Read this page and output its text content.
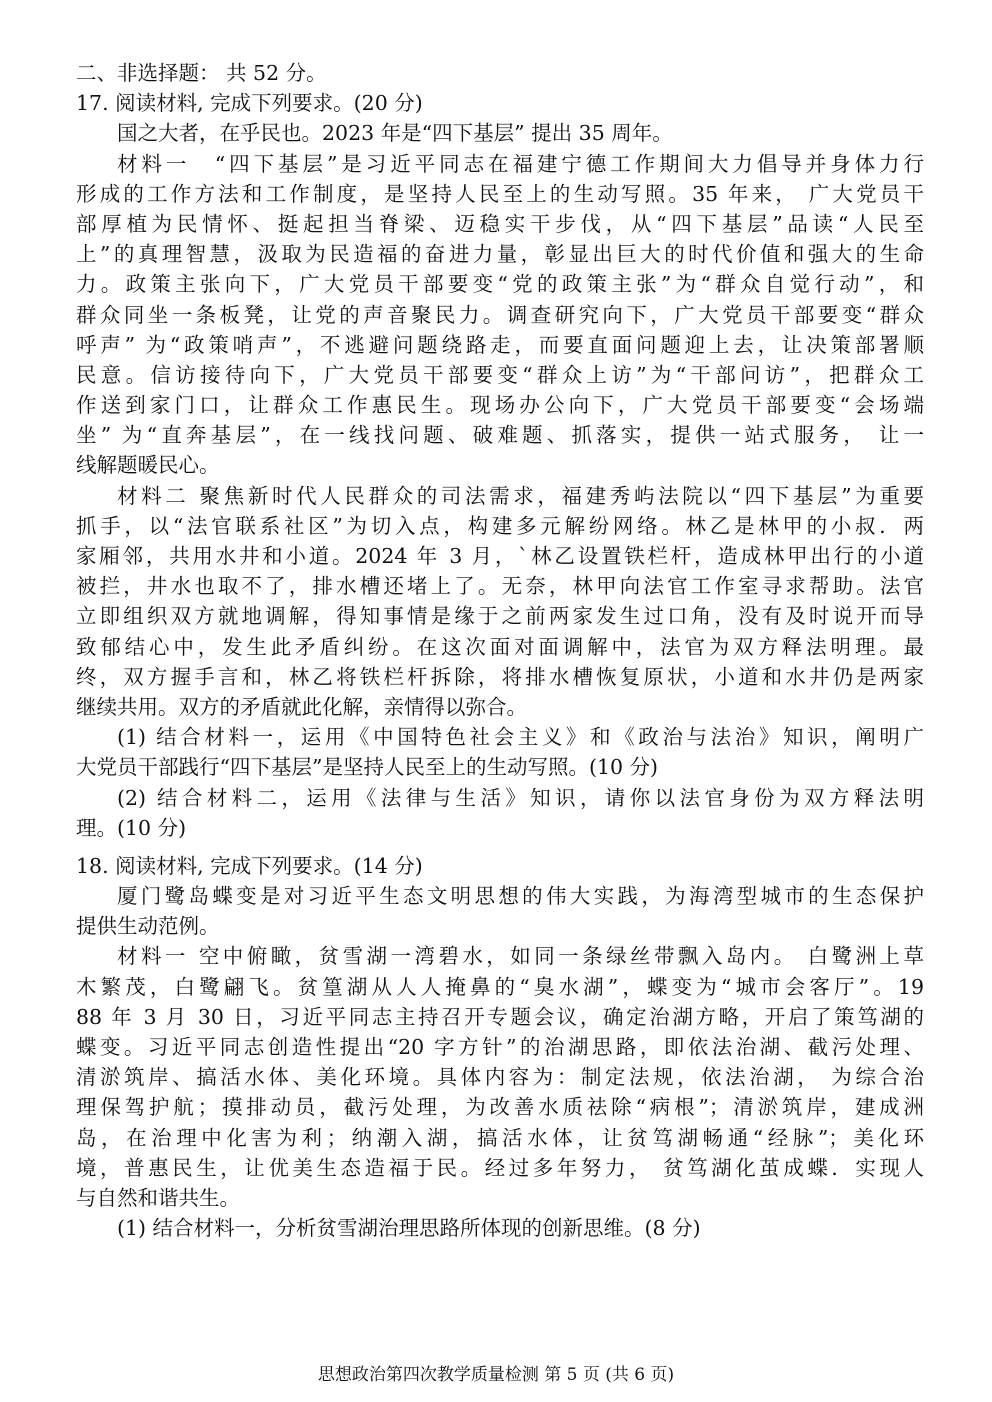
二、非选择题： 共 52 分。
17. 阅读材料, 完成下列要求。(20 分)
国之大者，在乎民也。2023 年是“四下基层” 提出 35 周年。
材料一　“四下基层”是习近平同志在福建宁德工作期间大力倡导并身体力行
形成的工作方法和工作制度，是坚持人民至上的生动写照。35 年来， 广大党员干
部厚植为民情怀、挺起担当脊梁、迈稳实干步伐，从“四下基层”品读“人民至
上”的真理智慧，汲取为民造福的奋进力量，彰显出巨大的时代价值和强大的生命
力。政策主张向下，广大党员干部要变“党的政策主张”为“群众自觉行动”，和
群众同坐一条板凳，让党的声音聚民力。调查研究向下，广大党员干部要变“群众
呼声” 为“政策哨声”，不逃避问题绕路走，而要直面问题迎上去，让决策部署顺
民意。信访接待向下，广大党员干部要变“群众上访”为“干部问访”，把群众工
作送到家门口，让群众工作惠民生。现场办公向下，广大党员干部要变“会场端
坐” 为“直奔基层”，在一线找问题、破难题、抓落实，提供一站式服务， 让一
线解题暖民心。
材料二 聚焦新时代人民群众的司法需求，福建秀屿法院以“四下基层”为重要
抓手，以“法官联系社区”为切入点，构建多元解纷网络。林乙是林甲的小叔．两
家厢邻，共用水井和小道。2024 年 3 月，`林乙设置铁栏杆，造成林甲出行的小道
被拦，井水也取不了，排水槽还堵上了。无奈，林甲向法官工作室寻求帮助。法官
立即组织双方就地调解，得知事情是缘于之前两家发生过口角，没有及时说开而导
致郁结心中，发生此矛盾纠纷。在这次面对面调解中，法官为双方释法明理。最
终，双方握手言和，林乙将铁栏杆拆除，将排水槽恢复原状，小道和水井仍是两家
继续共用。双方的矛盾就此化解，亲情得以弥合。
(1) 结合材料一，运用《中国特色社会主义》和《政治与法治》知识，阐明广
大党员干部践行“四下基层”是坚持人民至上的生动写照。(10 分)
(2) 结合材料二，运用《法律与生活》知识，请你以法官身份为双方释法明
理。(10 分)
18. 阅读材料, 完成下列要求。(14 分)
厦门鹭岛蝶变是对习近平生态文明思想的伟大实践，为海湾型城市的生态保护
提供生动范例。
材料一 空中俯瞰，贫雪湖一湾碧水，如同一条绿丝带飘入岛内。 白鹭洲上草
木繁茂，白鹭翩飞。贫篁湖从人人掩鼻的“臭水湖”，蝶变为“城市会客厅”。19
88 年 3 月 30 日，习近平同志主持召开专题会议，确定治湖方略，开启了策笃湖的
蝶变。习近平同志创造性提出“20 字方针”的治湖思路，即依法治湖、截污处理、
清淤筑岸、搞活水体、美化环境。具体内容为：制定法规，依法治湖， 为综合治
理保驾护航；摸排动员，截污处理，为改善水质祛除“病根”；清淤筑岸，建成洲
岛，在治理中化害为利；纳潮入湖，搞活水体，让贫笃湖畅通“经脉”；美化环
境，普惠民生，让优美生态造福于民。经过多年努力， 贫笃湖化茧成蝶．实现人
与自然和谐共生。
(1) 结合材料一，分析贫雪湖治理思路所体现的创新思维。(8 分)
思想政治第四次教学质量检测 第 5 页 (共 6 页)
